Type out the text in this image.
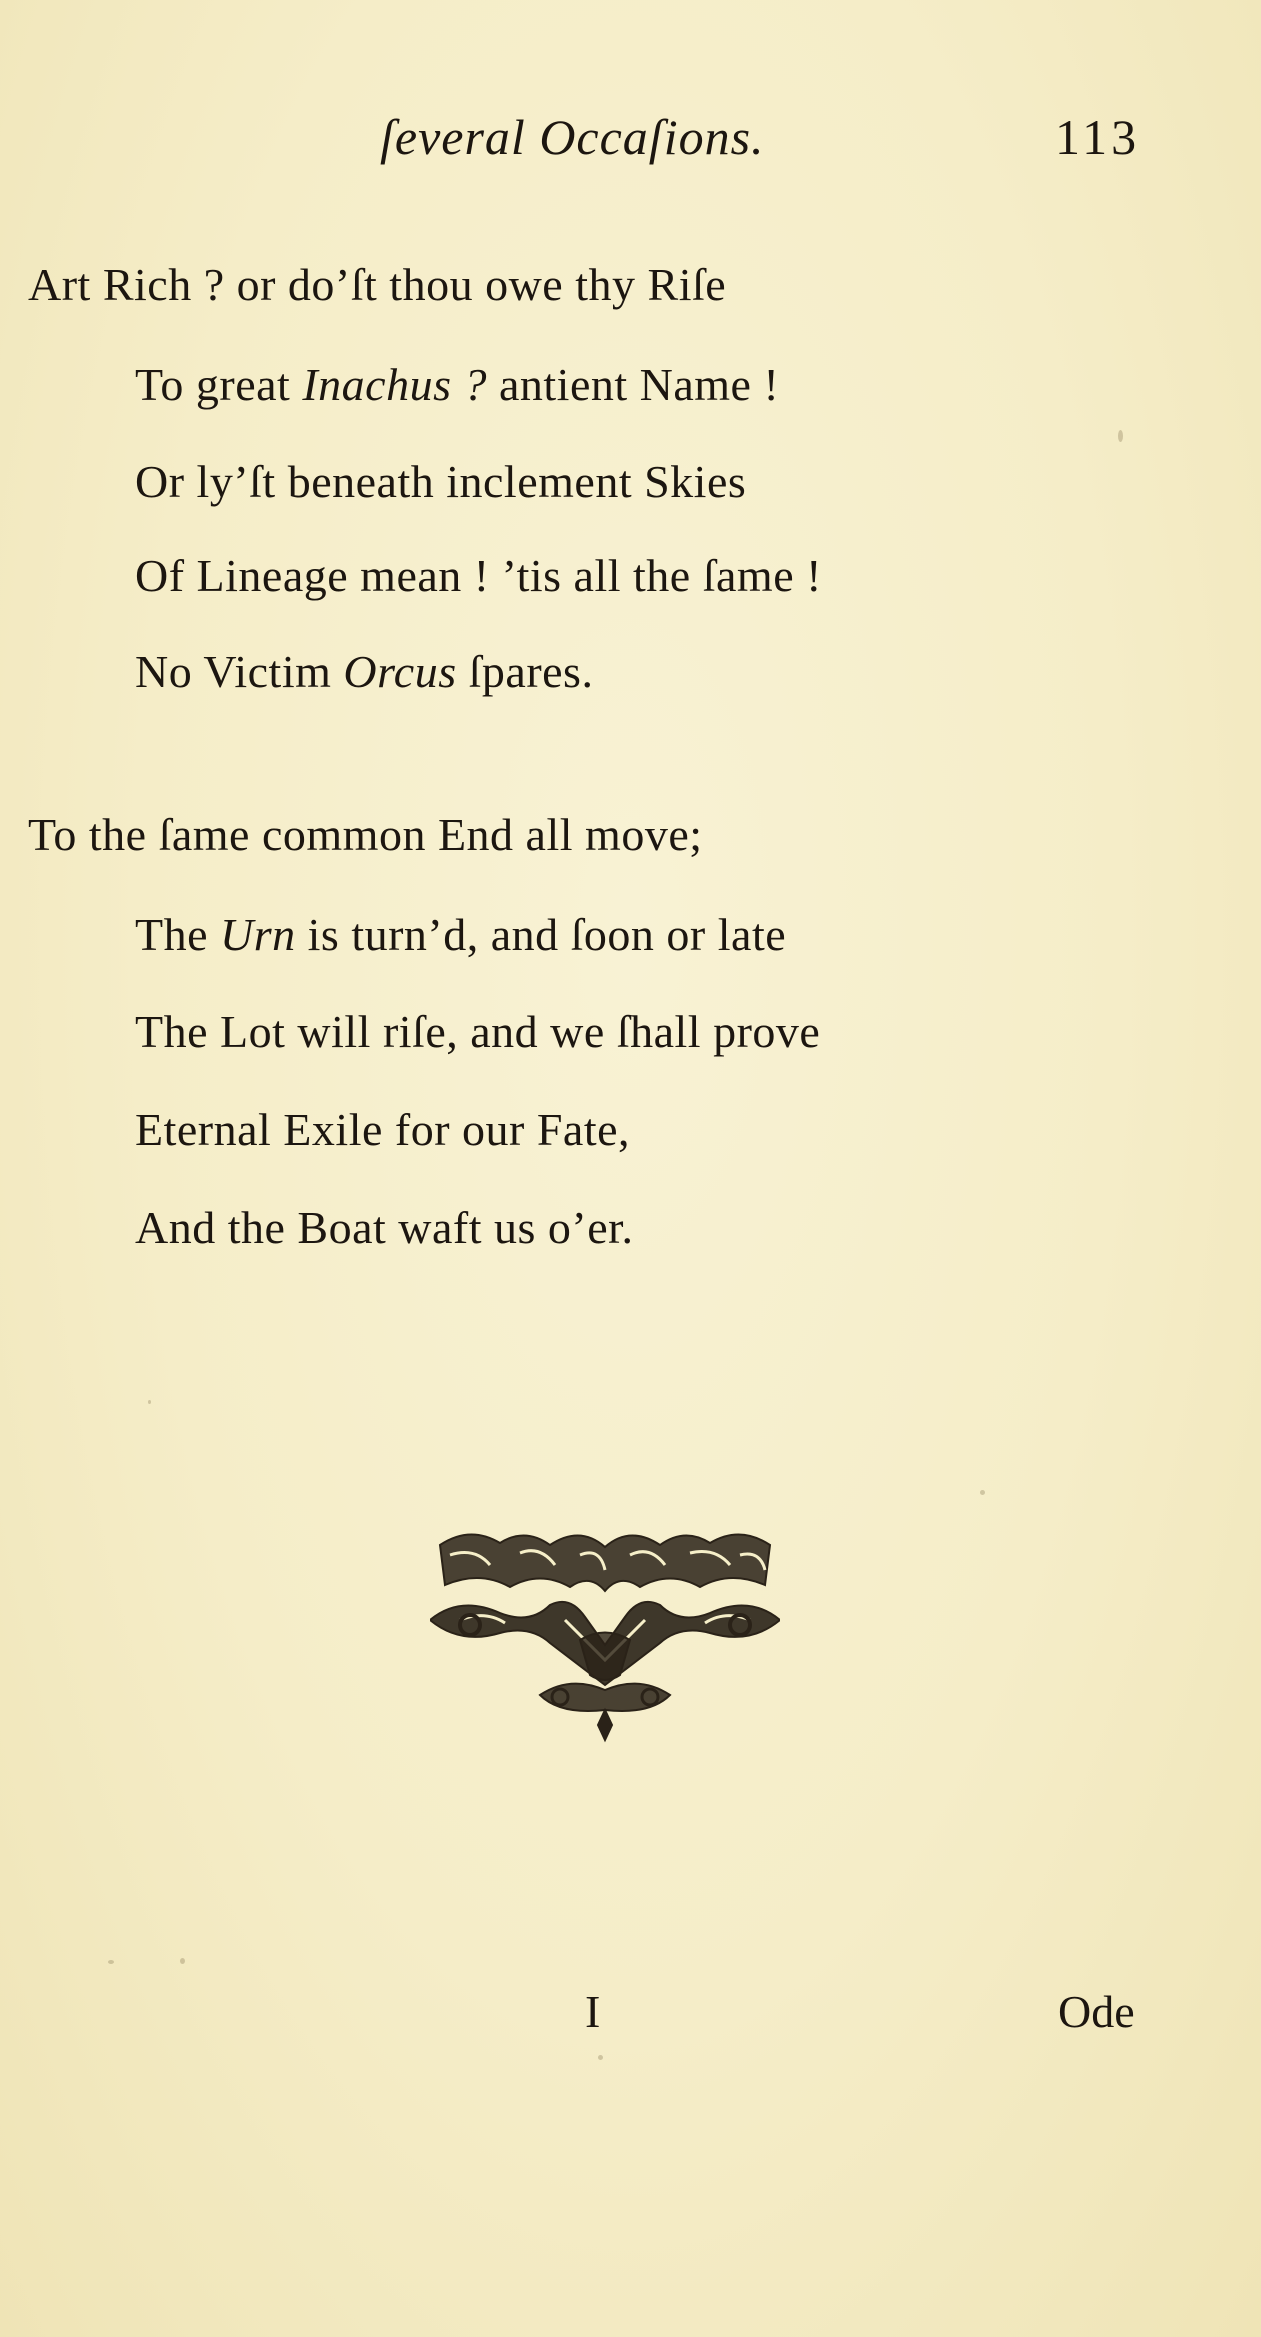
ſeveral Occaſions.	113
Art Rich ? or do’ſt thou owe thy Riſe
To great Inachus ? antient Name !
Or ly’ſt beneath inclement Skies
Of Lineage mean ! ’tis all the ſame !
No Victim Orcus ſpares.
To the ſame common End all move;
The Urn is turn’d, and ſoon or late
The Lot will riſe, and we ſhall prove
Eternal Exile for our Fate,
And the Boat waft us o’er.
I	Ode
